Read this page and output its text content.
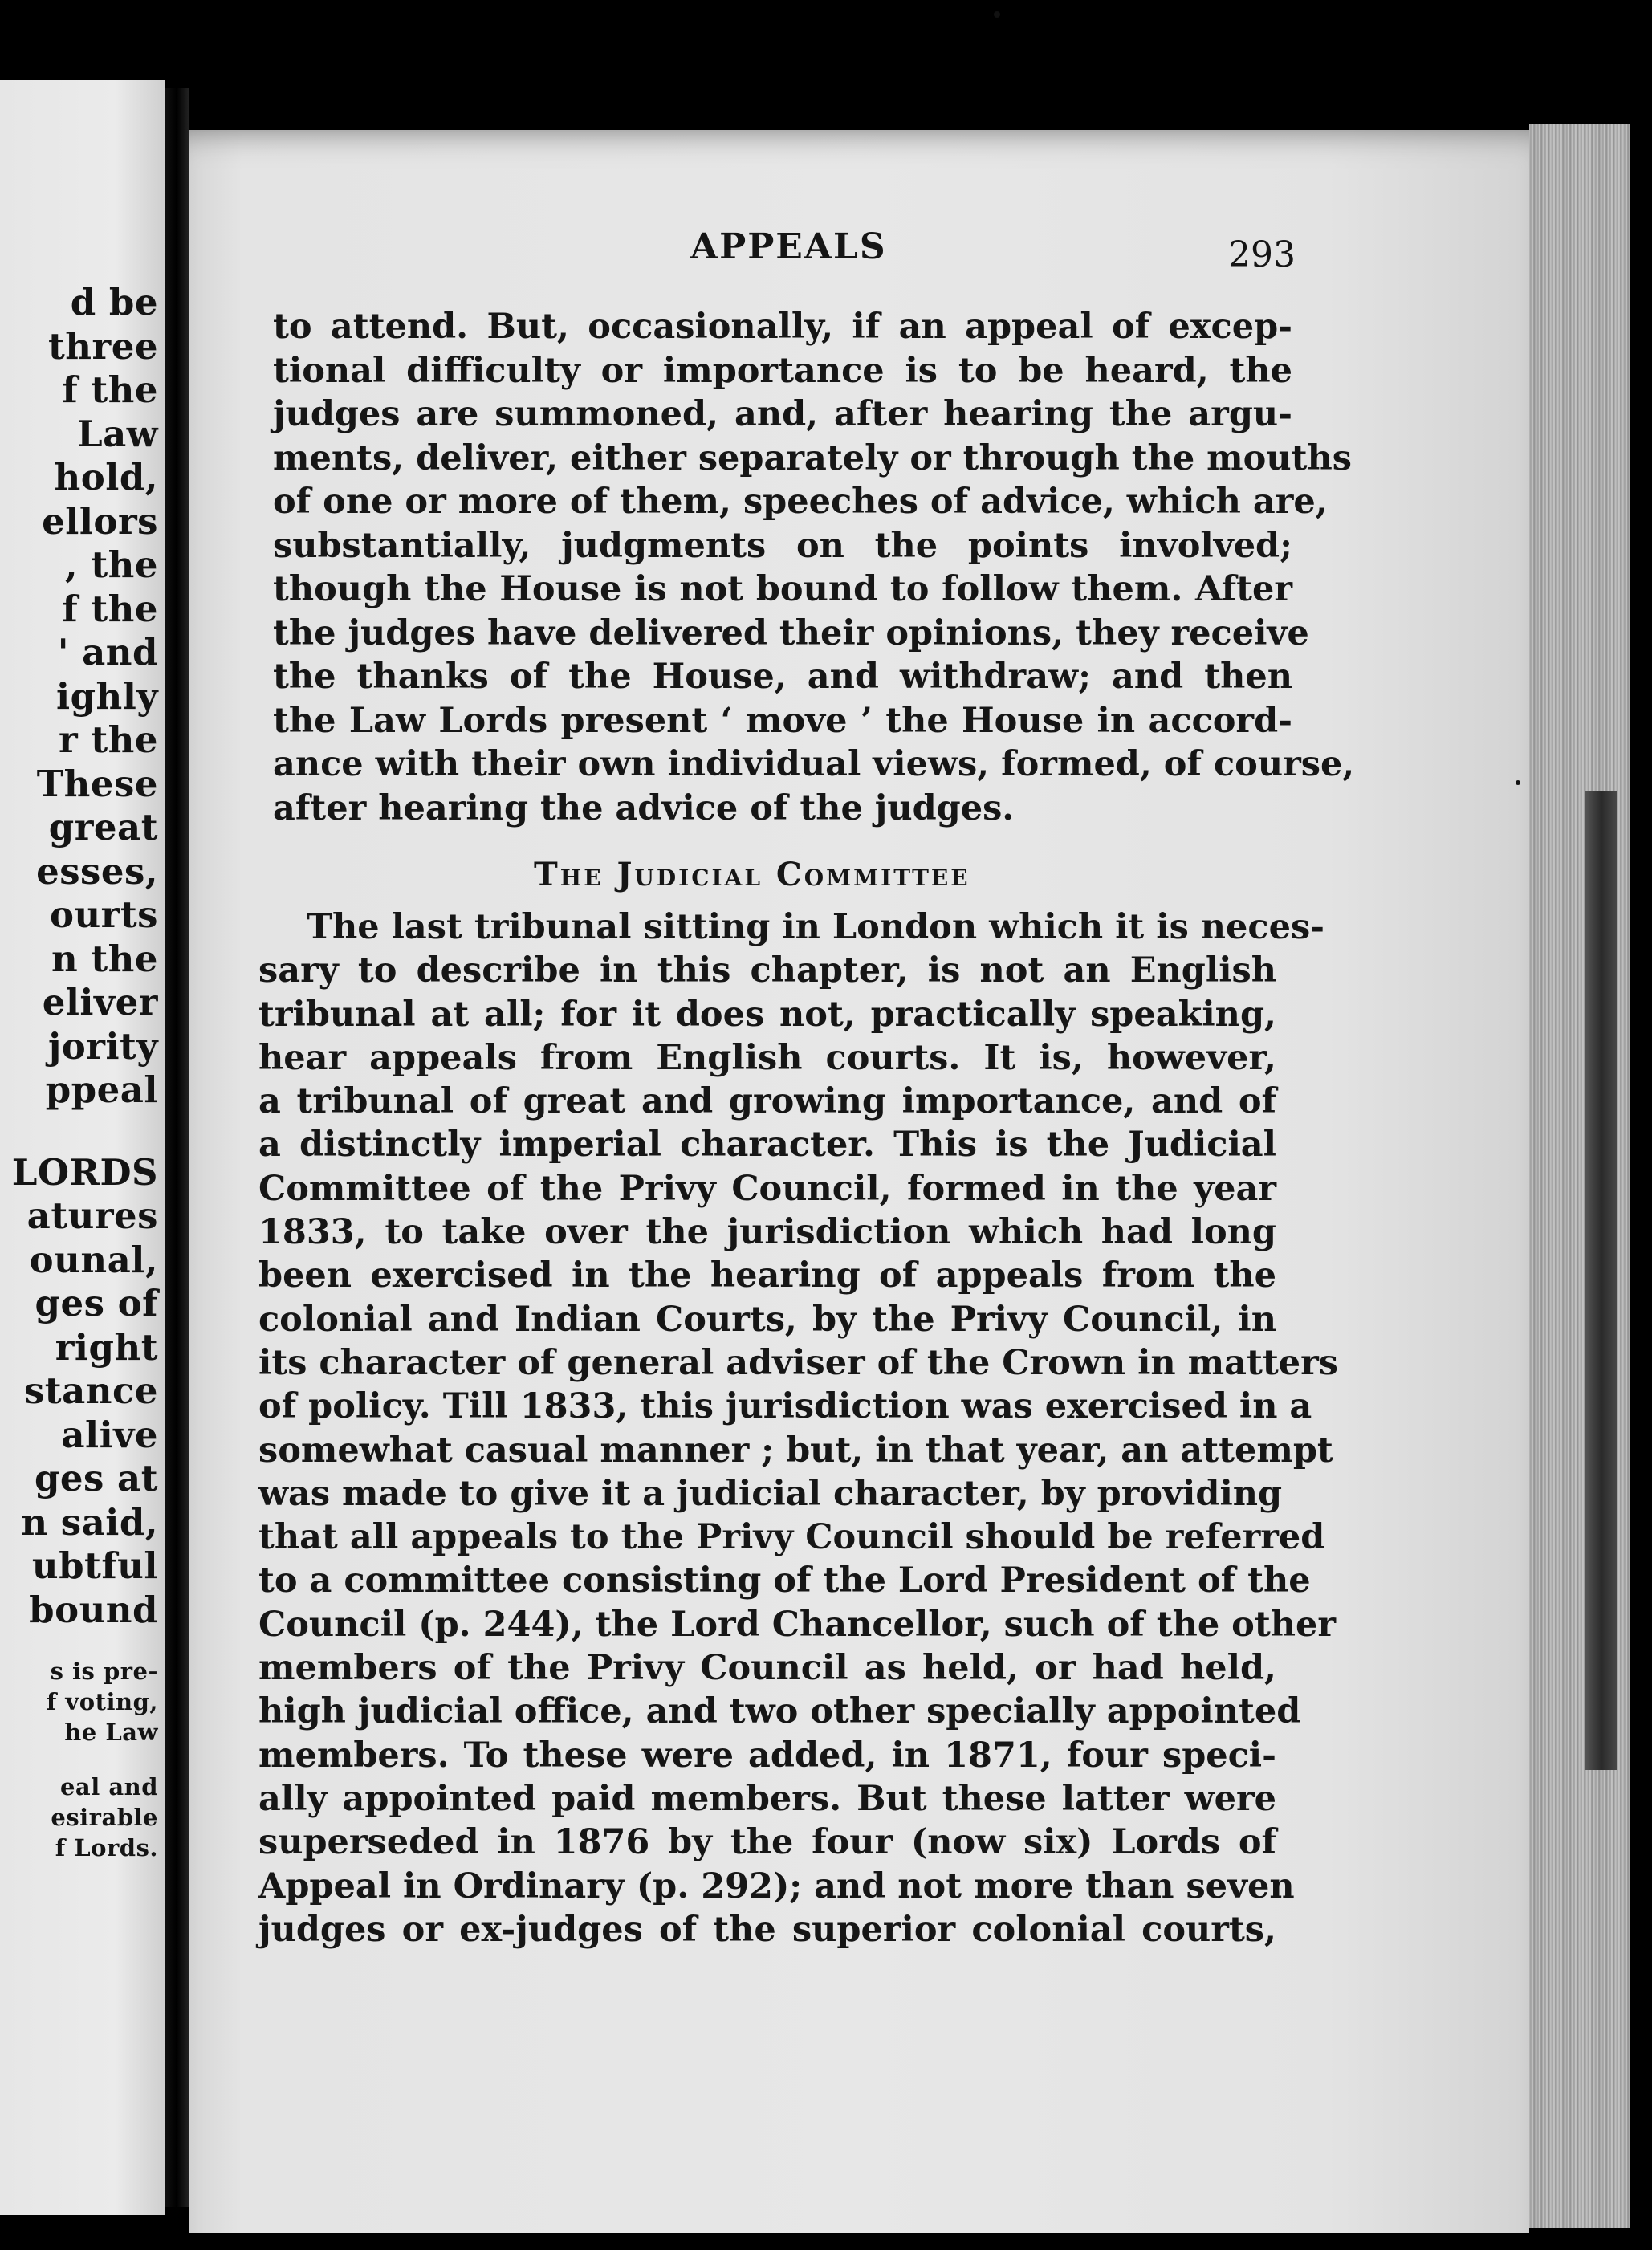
d be
three
f the
Law
hold,
ellors
, the
f the
' and
ighly
r the
These
great
esses,
ourts
n the
eliver
jority
ppeal
LORDS
atures
ounal,
ges of
right
stance
alive
ges at
n said,
ubtful
bound
s is pre-
f voting,
he Law
eal and
esirable
f Lords.
APPEALS	293
to attend. But, occasionally, if an appeal of excep-
tional difficulty or importance is to be heard, the
judges are summoned, and, after hearing the argu-
ments, deliver, either separately or through the mouths
of one or more of them, speeches of advice, which are,
substantially, judgments on the points involved;
though the House is not bound to follow them. After
the judges have delivered their opinions, they receive
the thanks of the House, and withdraw; and then
the Law Lords present ‘ move ’ the House in accord-
ance with their own individual views, formed, of course,
after hearing the advice of the judges.
The Judicial Committee
The last tribunal sitting in London which it is neces-
sary to describe in this chapter, is not an English
tribunal at all; for it does not, practically speaking,
hear appeals from English courts. It is, however,
a tribunal of great and growing importance, and of
a distinctly imperial character. This is the Judicial
Committee of the Privy Council, formed in the year
1833, to take over the jurisdiction which had long
been exercised in the hearing of appeals from the
colonial and Indian Courts, by the Privy Council, in
its character of general adviser of the Crown in matters
of policy. Till 1833, this jurisdiction was exercised in a
somewhat casual manner ; but, in that year, an attempt
was made to give it a judicial character, by providing
that all appeals to the Privy Council should be referred
to a committee consisting of the Lord President of the
Council (p. 244), the Lord Chancellor, such of the other
members of the Privy Council as held, or had held,
high judicial office, and two other specially appointed
members. To these were added, in 1871, four speci-
ally appointed paid members. But these latter were
superseded in 1876 by the four (now six) Lords of
Appeal in Ordinary (p. 292); and not more than seven
judges or ex-judges of the superior colonial courts,
